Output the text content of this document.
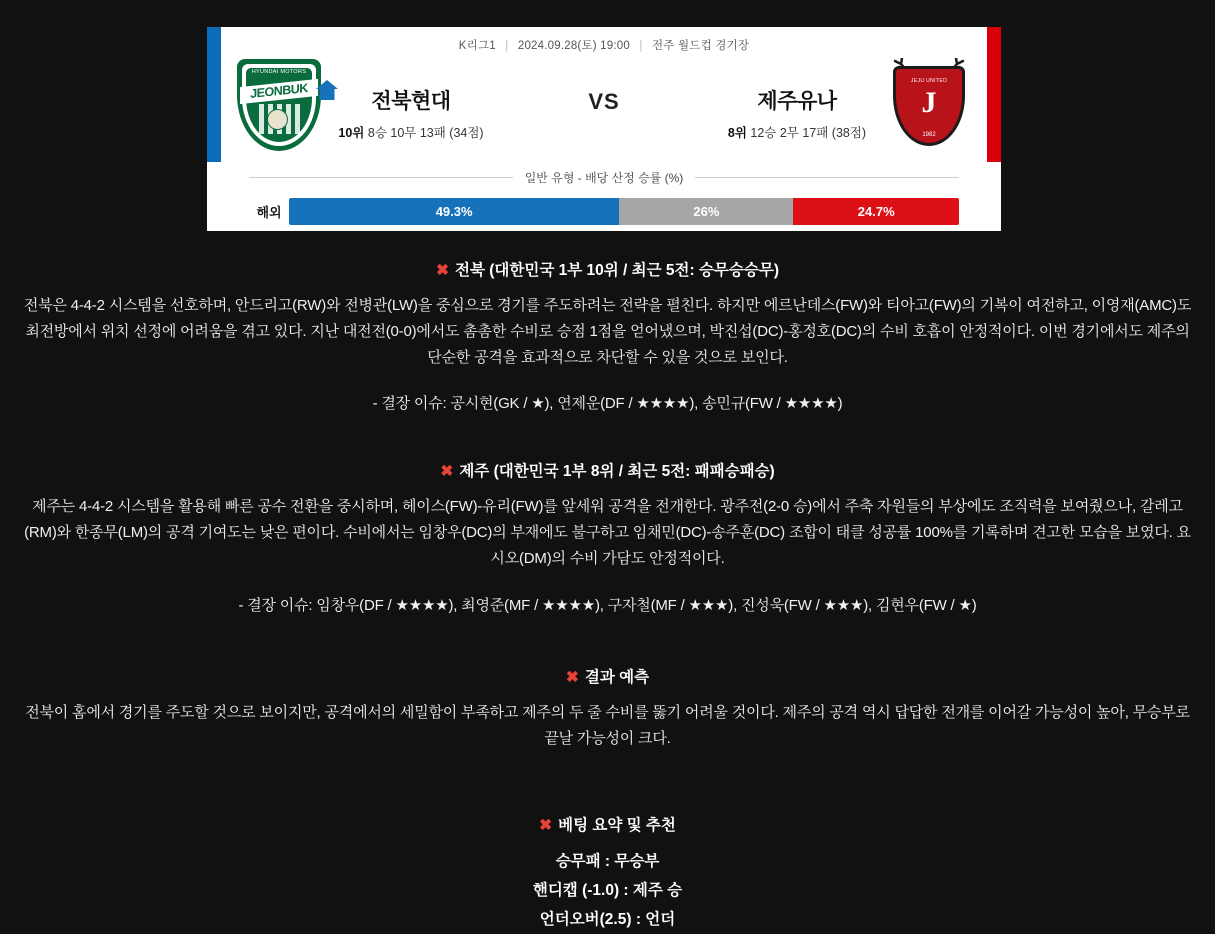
K리그1 | 2024.09.28(토) 19:00 | 전주 월드컵 경기장
HYUNDAI MOTORS
JEONBUK	전북현대
10위 8승 10무 13패 (34점)
VS	제주유나
8위 12승 2무 17패 (38점)
JEJU UNITED
J
1982
일반 유형 - 배당 산정 승률 (%)
해외	49.3%	26%	24.7%
✖ 전북 (대한민국 1부 10위 / 최근 5전: 승무승승무)
전북은 4-4-2 시스템을 선호하며, 안드리고(RW)와 전병관(LW)을 중심으로 경기를 주도하려는 전략을 펼친다. 하지만 에르난데스(FW)와 티아고(FW)의 기복이 여전하고, 이영재(AMC)도 최전방에서 위치 선정에 어려움을 겪고 있다. 지난 대전전(0-0)에서도 촘촘한 수비로 승점 1점을 얻어냈으며, 박진섭(DC)-홍정호(DC)의 수비 호흡이 안정적이다. 이번 경기에서도 제주의 단순한 공격을 효과적으로 차단할 수 있을 것으로 보인다.
- 결장 이슈: 공시현(GK / ★), 연제운(DF / ★★★★), 송민규(FW / ★★★★)
✖ 제주 (대한민국 1부 8위 / 최근 5전: 패패승패승)
제주는 4-4-2 시스템을 활용해 빠른 공수 전환을 중시하며, 헤이스(FW)-유리(FW)를 앞세워 공격을 전개한다. 광주전(2-0 승)에서 주축 자원들의 부상에도 조직력을 보여줬으나, 갈레고(RM)와 한종무(LM)의 공격 기여도는 낮은 편이다. 수비에서는 임창우(DC)의 부재에도 불구하고 임채민(DC)-송주훈(DC) 조합이 태클 성공률 100%를 기록하며 견고한 모습을 보였다. 요시오(DM)의 수비 가담도 안정적이다.
- 결장 이슈: 임창우(DF / ★★★★), 최영준(MF / ★★★★), 구자철(MF / ★★★), 진성욱(FW / ★★★), 김현우(FW / ★)
✖ 결과 예측
전북이 홈에서 경기를 주도할 것으로 보이지만, 공격에서의 세밀함이 부족하고 제주의 두 줄 수비를 뚫기 어려울 것이다. 제주의 공격 역시 답답한 전개를 이어갈 가능성이 높아, 무승부로 끝날 가능성이 크다.
✖ 베팅 요약 및 추천
승무패 : 무승부
핸디캡 (-1.0) : 제주 승
언더오버(2.5) : 언더
